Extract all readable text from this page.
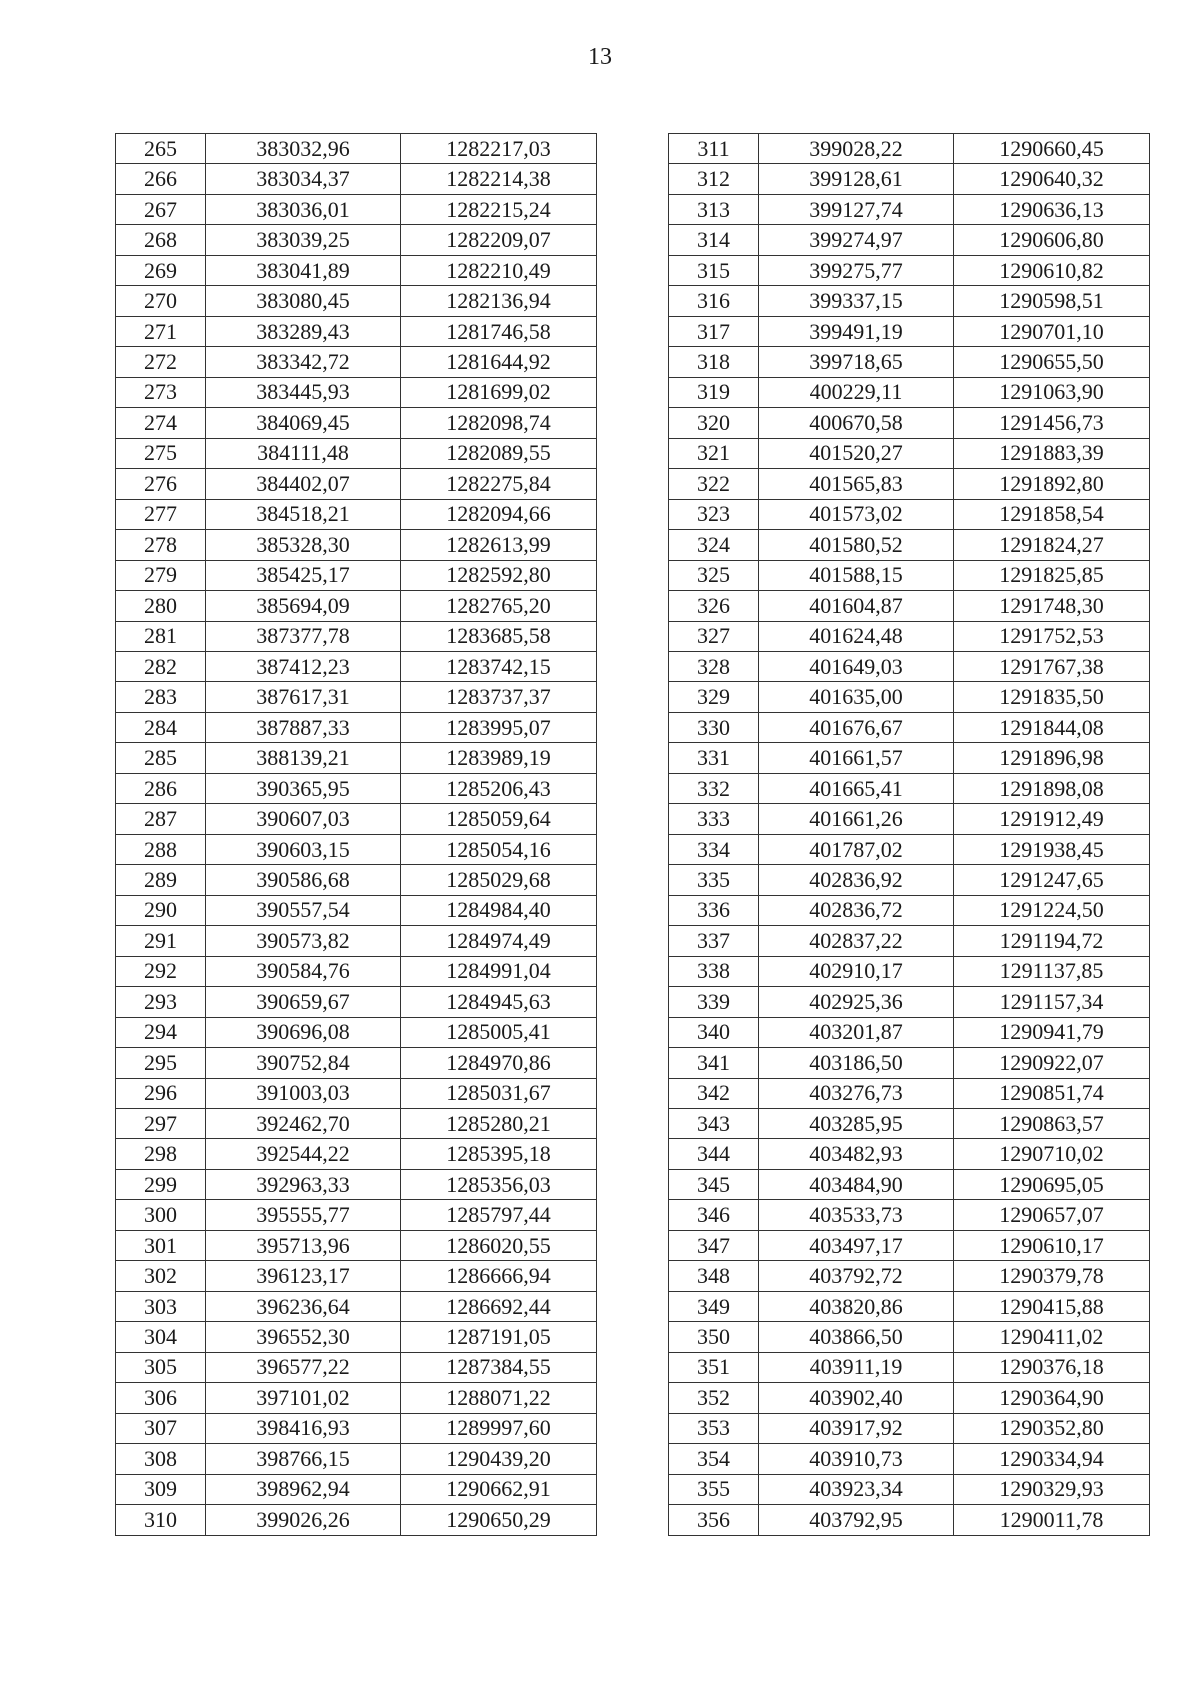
13
265	383032,96	1282217,03
266	383034,37	1282214,38
267	383036,01	1282215,24
268	383039,25	1282209,07
269	383041,89	1282210,49
270	383080,45	1282136,94
271	383289,43	1281746,58
272	383342,72	1281644,92
273	383445,93	1281699,02
274	384069,45	1282098,74
275	384111,48	1282089,55
276	384402,07	1282275,84
277	384518,21	1282094,66
278	385328,30	1282613,99
279	385425,17	1282592,80
280	385694,09	1282765,20
281	387377,78	1283685,58
282	387412,23	1283742,15
283	387617,31	1283737,37
284	387887,33	1283995,07
285	388139,21	1283989,19
286	390365,95	1285206,43
287	390607,03	1285059,64
288	390603,15	1285054,16
289	390586,68	1285029,68
290	390557,54	1284984,40
291	390573,82	1284974,49
292	390584,76	1284991,04
293	390659,67	1284945,63
294	390696,08	1285005,41
295	390752,84	1284970,86
296	391003,03	1285031,67
297	392462,70	1285280,21
298	392544,22	1285395,18
299	392963,33	1285356,03
300	395555,77	1285797,44
301	395713,96	1286020,55
302	396123,17	1286666,94
303	396236,64	1286692,44
304	396552,30	1287191,05
305	396577,22	1287384,55
306	397101,02	1288071,22
307	398416,93	1289997,60
308	398766,15	1290439,20
309	398962,94	1290662,91
310	399026,26	1290650,29
311	399028,22	1290660,45
312	399128,61	1290640,32
313	399127,74	1290636,13
314	399274,97	1290606,80
315	399275,77	1290610,82
316	399337,15	1290598,51
317	399491,19	1290701,10
318	399718,65	1290655,50
319	400229,11	1291063,90
320	400670,58	1291456,73
321	401520,27	1291883,39
322	401565,83	1291892,80
323	401573,02	1291858,54
324	401580,52	1291824,27
325	401588,15	1291825,85
326	401604,87	1291748,30
327	401624,48	1291752,53
328	401649,03	1291767,38
329	401635,00	1291835,50
330	401676,67	1291844,08
331	401661,57	1291896,98
332	401665,41	1291898,08
333	401661,26	1291912,49
334	401787,02	1291938,45
335	402836,92	1291247,65
336	402836,72	1291224,50
337	402837,22	1291194,72
338	402910,17	1291137,85
339	402925,36	1291157,34
340	403201,87	1290941,79
341	403186,50	1290922,07
342	403276,73	1290851,74
343	403285,95	1290863,57
344	403482,93	1290710,02
345	403484,90	1290695,05
346	403533,73	1290657,07
347	403497,17	1290610,17
348	403792,72	1290379,78
349	403820,86	1290415,88
350	403866,50	1290411,02
351	403911,19	1290376,18
352	403902,40	1290364,90
353	403917,92	1290352,80
354	403910,73	1290334,94
355	403923,34	1290329,93
356	403792,95	1290011,78
